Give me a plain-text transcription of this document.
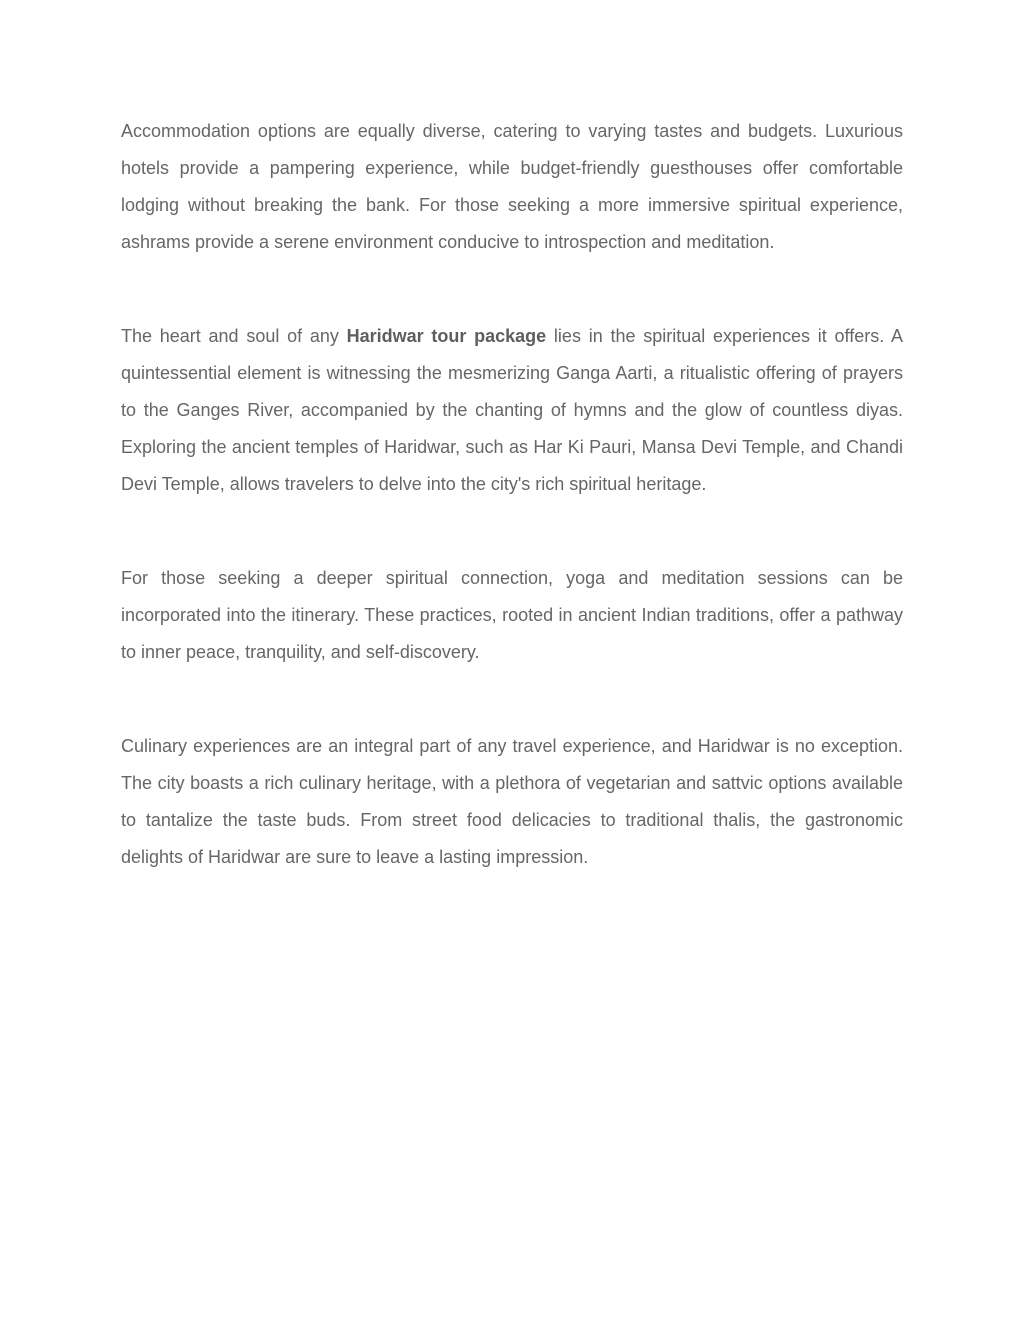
Accommodation options are equally diverse, catering to varying tastes and budgets. Luxurious hotels provide a pampering experience, while budget-friendly guesthouses offer comfortable lodging without breaking the bank. For those seeking a more immersive spiritual experience, ashrams provide a serene environment conducive to introspection and meditation.

The heart and soul of any Haridwar tour package lies in the spiritual experiences it offers. A quintessential element is witnessing the mesmerizing Ganga Aarti, a ritualistic offering of prayers to the Ganges River, accompanied by the chanting of hymns and the glow of countless diyas. Exploring the ancient temples of Haridwar, such as Har Ki Pauri, Mansa Devi Temple, and Chandi Devi Temple, allows travelers to delve into the city's rich spiritual heritage.

For those seeking a deeper spiritual connection, yoga and meditation sessions can be incorporated into the itinerary. These practices, rooted in ancient Indian traditions, offer a pathway to inner peace, tranquility, and self-discovery.

Culinary experiences are an integral part of any travel experience, and Haridwar is no exception. The city boasts a rich culinary heritage, with a plethora of vegetarian and sattvic options available to tantalize the taste buds. From street food delicacies to traditional thalis, the gastronomic delights of Haridwar are sure to leave a lasting impression.
